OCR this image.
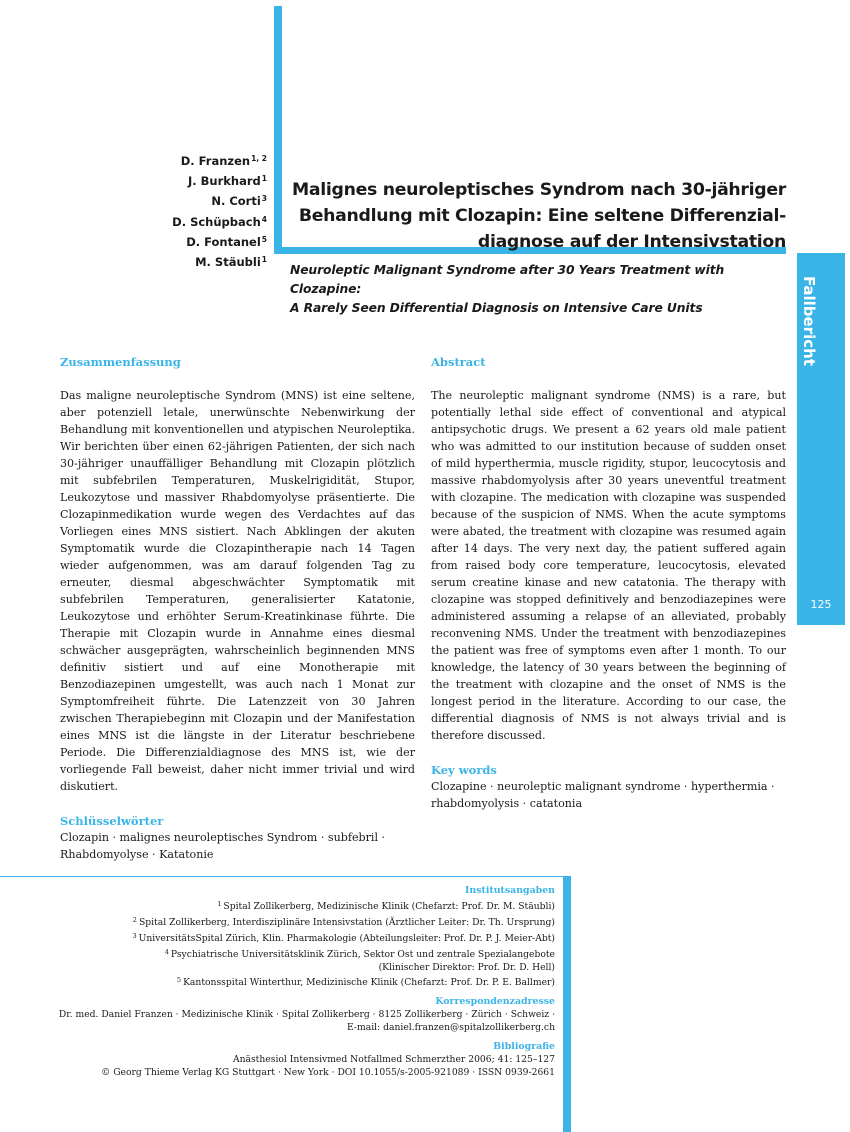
Fallbericht
125
D. Franzen$^{1, 2}$
J. Burkhard$^1$
N. Corti$^3$
D. Schüpbach$^4$
D. Fontanel$^5$
M. Stäubli$^1$
Malignes neuroleptisches Syndrom nach 30-jähriger
Behandlung mit Clozapin: Eine seltene Differenzial-
diagnose auf der Intensivstation
Neuroleptic Malignant Syndrome after 30 Years Treatment with Clozapine:
A Rarely Seen Differential Diagnosis on Intensive Care Units

Zusammenfassung

Das maligne neuroleptische Syndrom (MNS) ist eine seltene, aber potenziell letale, unerwünschte Nebenwirkung der Behandlung mit konventionellen und atypischen Neuroleptika. Wir berichten über einen 62-jährigen Patienten, der sich nach 30-jähriger unauffälliger Behandlung mit Clozapin plötzlich mit subfebrilen Temperaturen, Muskelrigidität, Stupor, Leukozytose und massiver Rhabdomyolyse präsentierte. Die Clozapinmedikation wurde wegen des Verdachtes auf das Vorliegen eines MNS sistiert. Nach Abklingen der akuten Symptomatik wurde die Clozapintherapie nach 14 Tagen wieder aufgenommen, was am darauf folgenden Tag zu erneuter, diesmal abgeschwächter Symptomatik mit subfebrilen Temperaturen, generalisierter Katatonie, Leukozytose und erhöhter Serum-Kreatinkinase führte. Die Therapie mit Clozapin wurde in Annahme eines diesmal schwächer ausgeprägten, wahrscheinlich beginnenden MNS definitiv sistiert und auf eine Monotherapie mit Benzodiazepinen umgestellt, was auch nach 1 Monat zur Symptomfreiheit führte. Die Latenzzeit von 30 Jahren zwischen Therapiebeginn mit Clozapin und der Manifestation eines MNS ist die längste in der Literatur beschriebene Periode. Die Differenzialdiagnose des MNS ist, wie der vorliegende Fall beweist, daher nicht immer trivial und wird diskutiert.

Schlüsselwörter

Clozapin · malignes neuroleptisches Syndrom · subfebril · Rhabdomyolyse · Katatonie

Abstract

The neuroleptic malignant syndrome (NMS) is a rare, but potentially lethal side effect of conventional and atypical antipsychotic drugs. We present a 62 years old male patient who was admitted to our institution because of sudden onset of mild hyperthermia, muscle rigidity, stupor, leucocytosis and massive rhabdomyolysis after 30 years uneventful treatment with clozapine. The medication with clozapine was suspended because of the suspicion of NMS. When the acute symptoms were abated, the treatment with clozapine was resumed again after 14 days. The very next day, the patient suffered again from raised body core temperature, leucocytosis, elevated serum creatine kinase and new catatonia. The therapy with clozapine was stopped definitively and benzodiazepines were administered assuming a relapse of an alleviated, probably reconvening NMS. Under the treatment with benzodiazepines the patient was free of symptoms even after 1 month. To our knowledge, the latency of 30 years between the beginning of the treatment with clozapine and the onset of NMS is the longest period in the literature. According to our case, the differential diagnosis of NMS is not always trivial and is therefore discussed.

Key words

Clozapine · neuroleptic malignant syndrome · hyperthermia · rhabdomyolysis · catatonia

Institutsangaben
$^1$ Spital Zollikerberg, Medizinische Klinik (Chefarzt: Prof. Dr. M. Stäubli)
$^2$ Spital Zollikerberg, Interdisziplinäre Intensivstation (Ärztlicher Leiter: Dr. Th. Ursprung)
$^3$ UniversitätsSpital Zürich, Klin. Pharmakologie (Abteilungsleiter: Prof. Dr. P. J. Meier-Abt)
$^4$ Psychiatrische Universitätsklinik Zürich, Sektor Ost und zentrale Spezialangebote
(Klinischer Direktor: Prof. Dr. D. Hell)
$^5$ Kantonsspital Winterthur, Medizinische Klinik (Chefarzt: Prof. Dr. P. E. Ballmer)
Korrespondenzadresse
Dr. med. Daniel Franzen · Medizinische Klinik · Spital Zollikerberg · 8125 Zollikerberg · Zürich · Schweiz ·
E-mail: daniel.franzen@spitalzollikerberg.ch
Bibliografie
Anästhesiol Intensivmed Notfallmed Schmerzther 2006; 41: 125–127
© Georg Thieme Verlag KG Stuttgart · New York · DOI 10.1055/s-2005-921089 · ISSN 0939-2661
